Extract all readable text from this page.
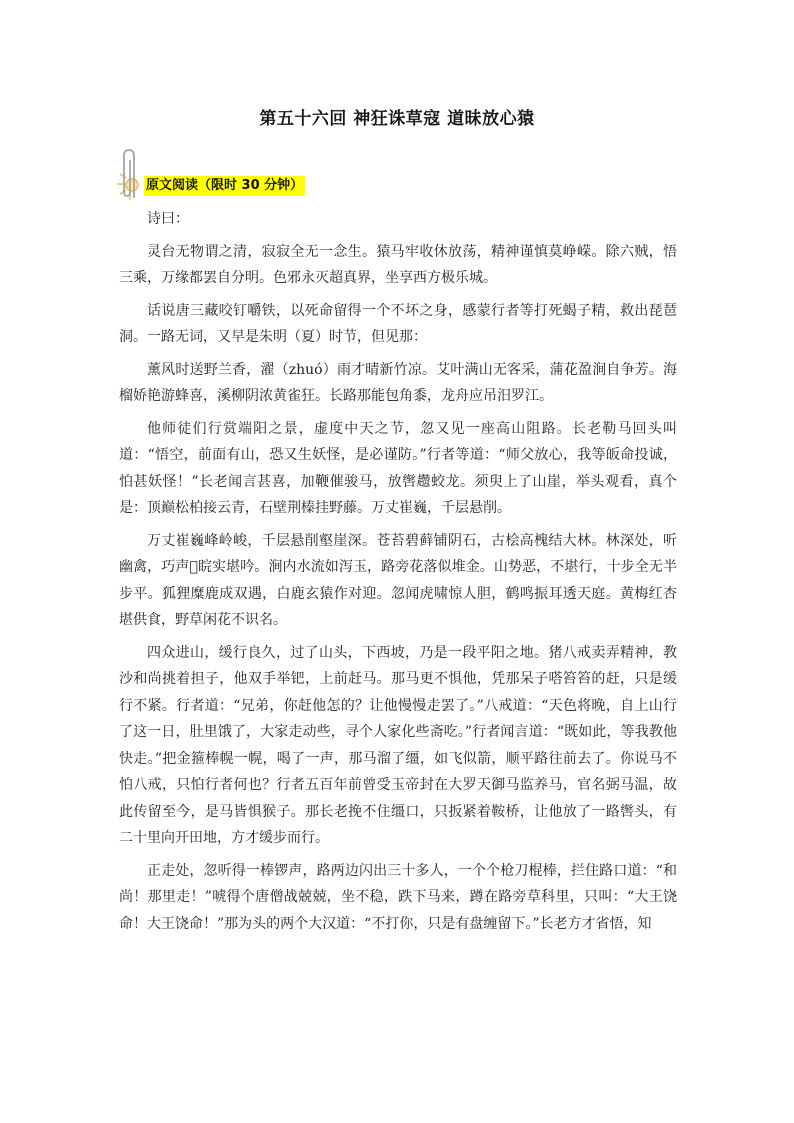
第五十六回 神狂诛草寇 道昧放心猿
原文阅读（限时 30 分钟）

诗曰：

灵台无物谓之清，寂寂全无一念生。猿马牢收休放荡，精神谨慎莫峥嵘。除六贼，悟三乘，万缘都罢自分明。色邪永灭超真界，坐享西方极乐城。

话说唐三藏咬钉嚼铁，以死命留得一个不坏之身，感蒙行者等打死蝎子精，救出琵琶洞。一路无词，又早是朱明（夏）时节，但见那：

薰风时送野兰香，濯（zhuó）雨才晴新竹凉。艾叶满山无客采，蒲花盈涧自争芳。海榴娇艳游蜂喜，溪柳阴浓黄雀狂。长路那能包角黍，龙舟应吊汨罗江。

他师徒们行赏端阳之景，虚度中天之节，忽又见一座高山阻路。长老勒马回头叫道：“悟空，前面有山，恐又生妖怪，是必谨防。”行者等道：“师父放心，我等皈命投诚，怕甚妖怪！”长老闻言甚喜，加鞭催骏马，放辔趱蛟龙。须臾上了山崖，举头观看，真个是：顶巅松柏接云青，石壁荆榛挂野藤。万丈崔巍，千层悬削。

万丈崔巍峰岭峻，千层悬削壑崖深。苍苔碧藓铺阴石，古桧高槐结大林。林深处，听幽禽，巧声𠷭睆实堪吟。涧内水流如泻玉，路旁花落似堆金。山势恶，不堪行，十步全无半步平。狐狸糜鹿成双遇，白鹿玄猿作对迎。忽闻虎啸惊人胆，鹤鸣振耳透天庭。黄梅红杏堪供食，野草闲花不识名。

四众进山，缓行良久，过了山头，下西坡，乃是一段平阳之地。猪八戒卖弄精神，教沙和尚挑着担子，他双手举钯，上前赶马。那马更不惧他，凭那呆子嗒笞笞的赶，只是缓行不紧。行者道：“兄弟，你赶他怎的？让他慢慢走罢了。”八戒道：“天色将晚，自上山行了这一日，肚里饿了，大家走动些，寻个人家化些斋吃。”行者闻言道：“既如此，等我教他快走。”把金箍棒幌一幌，喝了一声，那马溜了缰，如飞似箭，顺平路往前去了。你说马不怕八戒，只怕行者何也？行者五百年前曾受玉帝封在大罗天御马监养马，官名弼马温，故此传留至今，是马皆惧猴子。那长老挽不住缰口，只扳紧着鞍桥，让他放了一路辔头，有二十里向开田地，方才缓步而行。

正走处，忽听得一棒锣声，路两边闪出三十多人，一个个枪刀棍棒，拦住路口道：“和尚！那里走！”唬得个唐僧战兢兢，坐不稳，跌下马来，蹲在路旁草科里，只叫：“大王饶命！大王饶命！”那为头的两个大汉道：“不打你，只是有盘缠留下。”长老方才省悟，知
